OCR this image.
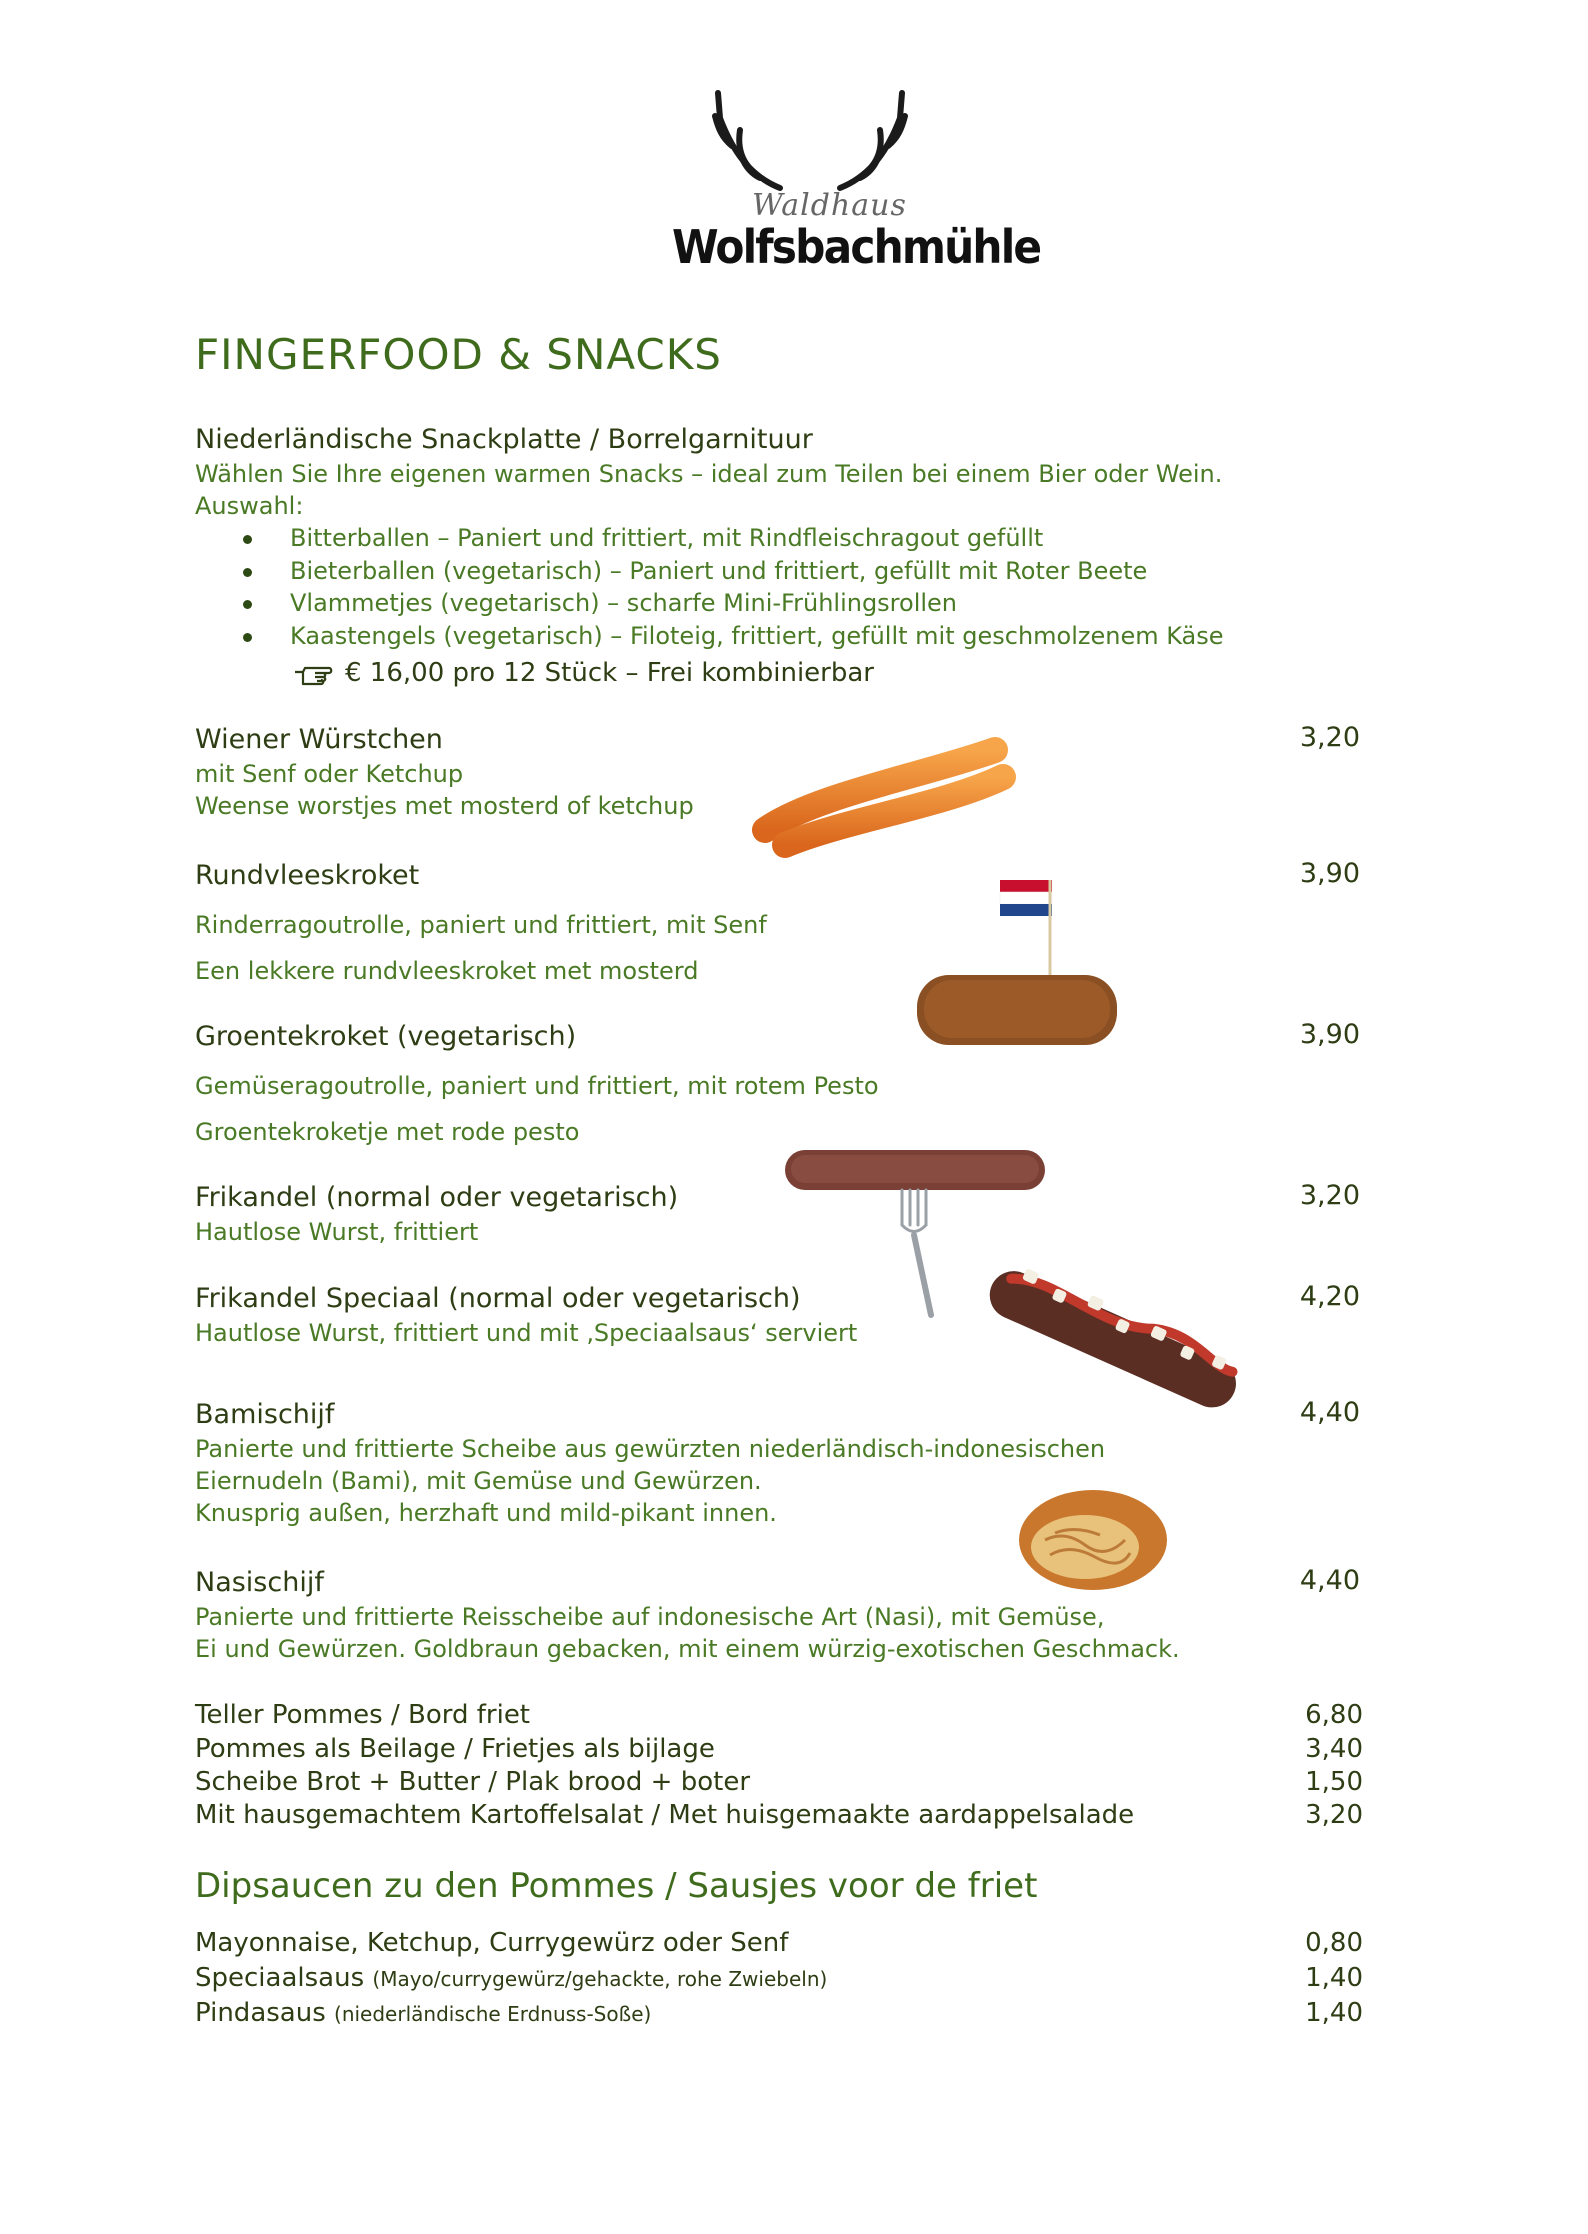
Waldhaus
Wolfsbachmühle
FINGERFOOD & SNACKS
Niederländische Snackplatte / Borrelgarnituur
Wählen Sie Ihre eigenen warmen Snacks – ideal zum Teilen bei einem Bier oder Wein.
Auswahl:
Bitterballen – Paniert und frittiert, mit Rindfleischragout gefüllt
Bieterballen (vegetarisch) – Paniert und frittiert, gefüllt mit Roter Beete
Vlammetjes (vegetarisch) – scharfe Mini-Frühlingsrollen
Kaastengels (vegetarisch) – Filoteig, frittiert, gefüllt mit geschmolzenem Käse
€ 16,00 pro 12 Stück – Frei kombinierbar
Wiener Würstchen
mit Senf oder Ketchup
Weense worstjes met mosterd of ketchup
3,20
Rundvleeskroket
Rinderragoutrolle, paniert und frittiert, mit Senf
Een lekkere rundvleeskroket met mosterd
3,90
Groentekroket (vegetarisch)
Gemüseragoutrolle, paniert und frittiert, mit rotem Pesto
Groentekroketje met rode pesto
3,90
Frikandel (normal oder vegetarisch)
Hautlose Wurst, frittiert
3,20
Frikandel Speciaal (normal oder vegetarisch)
Hautlose Wurst, frittiert und mit ‚Speciaalsaus‘ serviert
4,20
Bamischijf
Panierte und frittierte Scheibe aus gewürzten niederländisch-indonesischen
Eiernudeln (Bami), mit Gemüse und Gewürzen.
Knusprig außen, herzhaft und mild-pikant innen.
4,40
Nasischijf
Panierte und frittierte Reisscheibe auf indonesische Art (Nasi), mit Gemüse,
Ei und Gewürzen. Goldbraun gebacken, mit einem würzig-exotischen Geschmack.
4,40
Teller Pommes / Bord friet	6,80
Pommes als Beilage / Frietjes als bijlage	3,40
Scheibe Brot + Butter / Plak brood + boter	1,50
Mit hausgemachtem Kartoffelsalat / Met huisgemaakte aardappelsalade	3,20
Dipsaucen zu den Pommes / Sausjes voor de friet
Mayonnaise, Ketchup, Currygewürz oder Senf	0,80
Speciaalsaus (Mayo/currygewürz/gehackte, rohe Zwiebeln)	1,40
Pindasaus (niederländische Erdnuss-Soße)	1,40
